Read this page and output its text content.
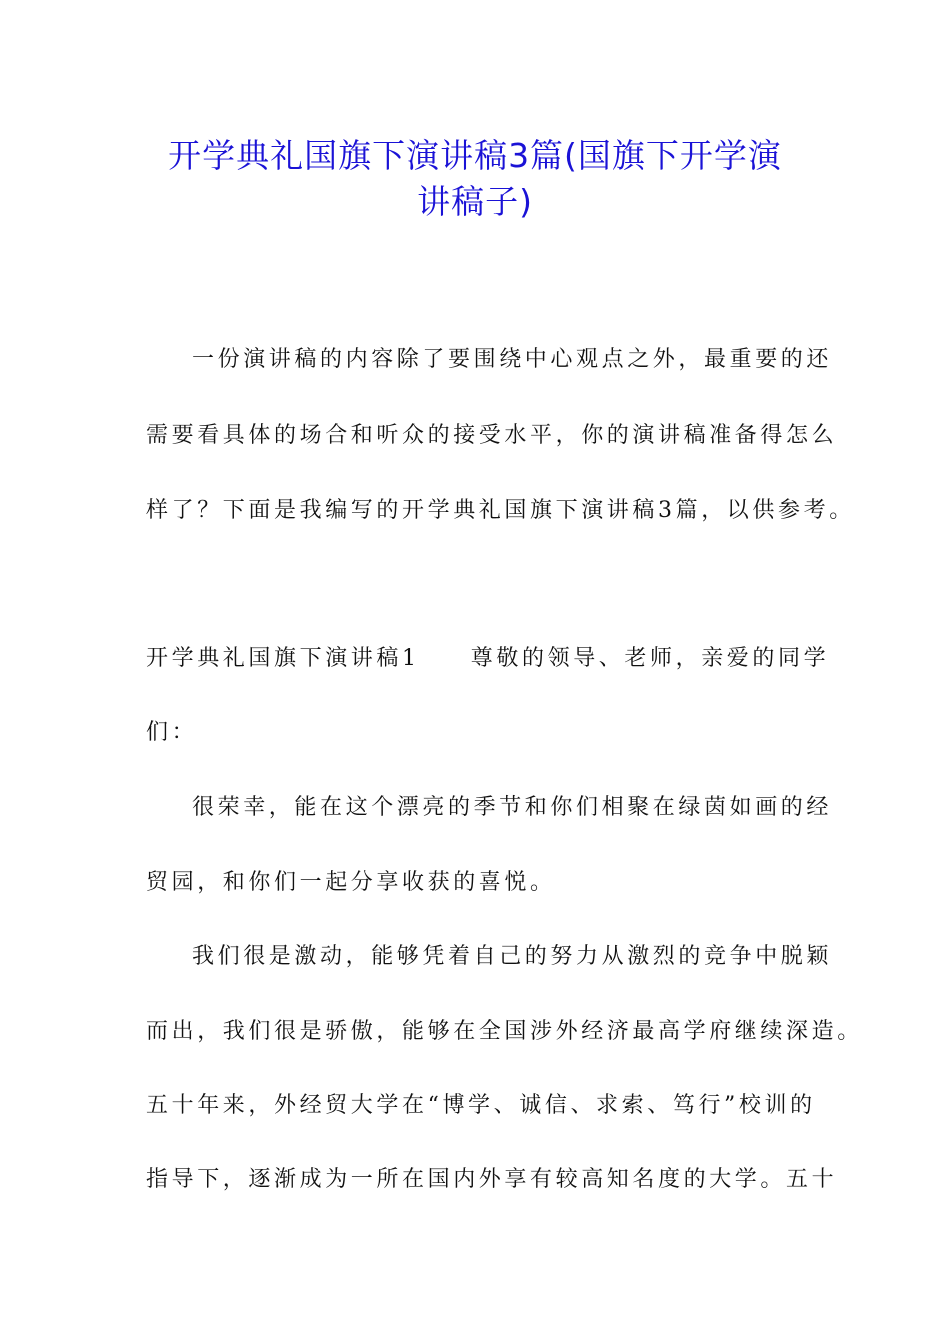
开学典礼国旗下演讲稿3篇(国旗下开学演
讲稿子)
一份演讲稿的内容除了要围绕中心观点之外，最重要的还
需要看具体的场合和听众的接受水平，你的演讲稿准备得怎么
样了？下面是我编写的开学典礼国旗下演讲稿3篇，以供参考。
开学典礼国旗下演讲稿1　　尊敬的领导、老师，亲爱的同学
们：
很荣幸，能在这个漂亮的季节和你们相聚在绿茵如画的经
贸园，和你们一起分享收获的喜悦。
我们很是激动，能够凭着自己的努力从激烈的竞争中脱颖
而出，我们很是骄傲，能够在全国涉外经济最高学府继续深造。
五十年来，外经贸大学在“博学、诚信、求索、笃行”校训的
指导下，逐渐成为一所在国内外享有较高知名度的大学。五十
